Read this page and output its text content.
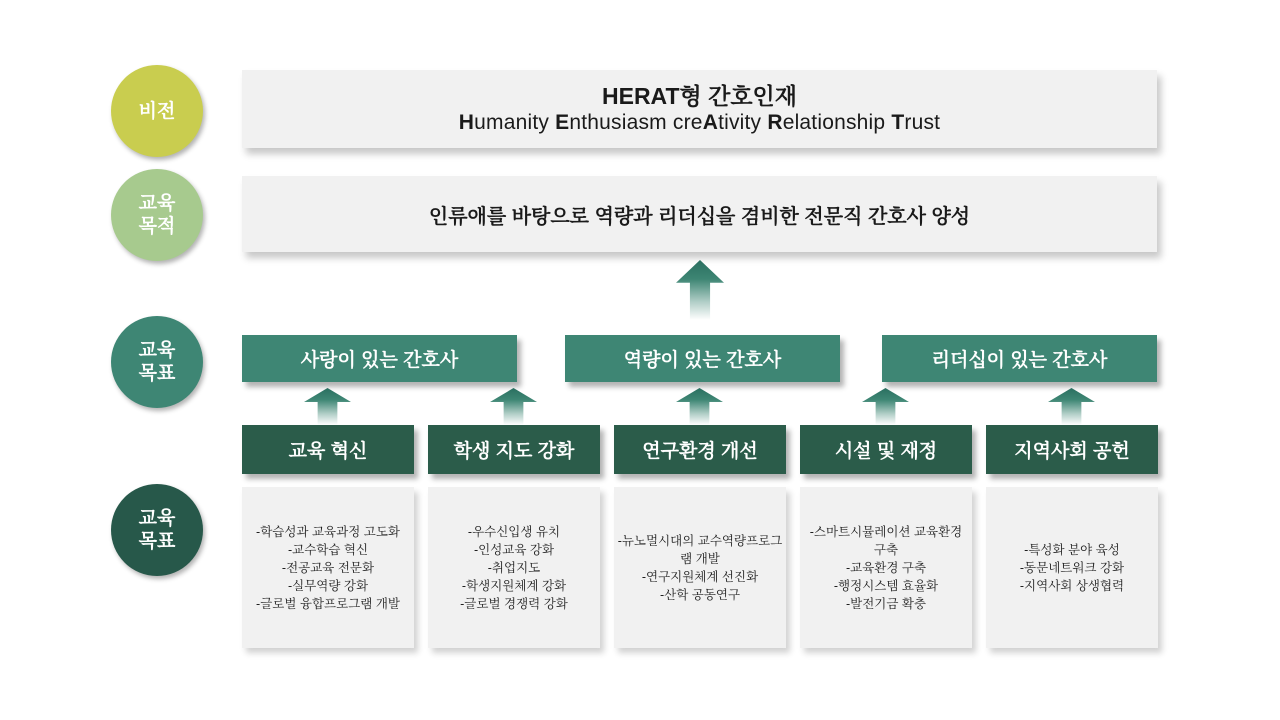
비전
교육
목적
교육
목표
교육
목표
HERAT형 간호인재
Humanity Enthusiasm creAtivity Relationship Trust
인류애를 바탕으로 역량과 리더십을 겸비한 전문직 간호사 양성
사랑이 있는 간호사	역량이 있는 간호사	리더십이 있는 간호사
교육 혁신	학생 지도 강화	연구환경 개선	시설 및 재정	지역사회 공헌
-학습성과 교육과정 고도화
-교수학습 혁신
-전공교육 전문화
-실무역량 강화
-글로벌 융합프로그램 개발
-우수신입생 유치
-인성교육 강화
-취업지도
-학생지원체계 강화
-글로벌 경쟁력 강화
-뉴노멀시대의 교수역량프로그램 개발
-연구지원체계 선진화
-산학 공동연구
-스마트시뮬레이션 교육환경 구축
-교육환경 구축
-행정시스템 효율화
-발전기금 확충
-특성화 분야 육성
-동문네트워크 강화
-지역사회 상생협력
